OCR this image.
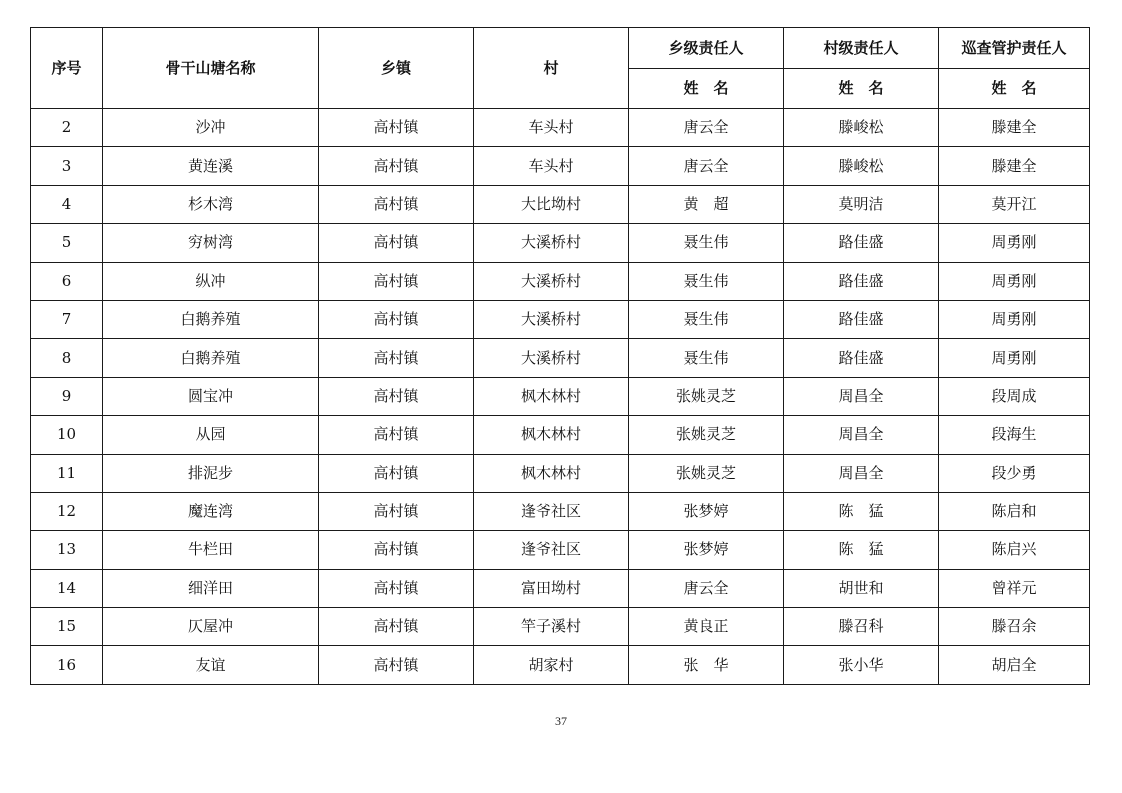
序号	骨干山塘名称	乡镇	村	乡级责任人	村级责任人	巡查管护责任人
				姓　名	姓　名	姓　名
2	沙冲	高村镇	车头村	唐云全	滕峻松	滕建全
3	黄连溪	高村镇	车头村	唐云全	滕峻松	滕建全
4	杉木湾	高村镇	大比坳村	黄　超	莫明洁	莫开江
5	穷树湾	高村镇	大溪桥村	聂生伟	路佳盛	周勇刚
6	纵冲	高村镇	大溪桥村	聂生伟	路佳盛	周勇刚
7	白鹅养殖	高村镇	大溪桥村	聂生伟	路佳盛	周勇刚
8	白鹅养殖	高村镇	大溪桥村	聂生伟	路佳盛	周勇刚
9	圆宝冲	高村镇	枫木林村	张姚灵芝	周昌全	段周成
10	从园	高村镇	枫木林村	张姚灵芝	周昌全	段海生
11	排泥步	高村镇	枫木林村	张姚灵芝	周昌全	段少勇
12	魔连湾	高村镇	逢爷社区	张梦婷	陈　猛	陈启和
13	牛栏田	高村镇	逢爷社区	张梦婷	陈　猛	陈启兴
14	细洋田	高村镇	富田坳村	唐云全	胡世和	曾祥元
15	仄屋冲	高村镇	竿子溪村	黄良正	滕召科	滕召余
16	友谊	高村镇	胡家村	张　华	张小华	胡启全
37
